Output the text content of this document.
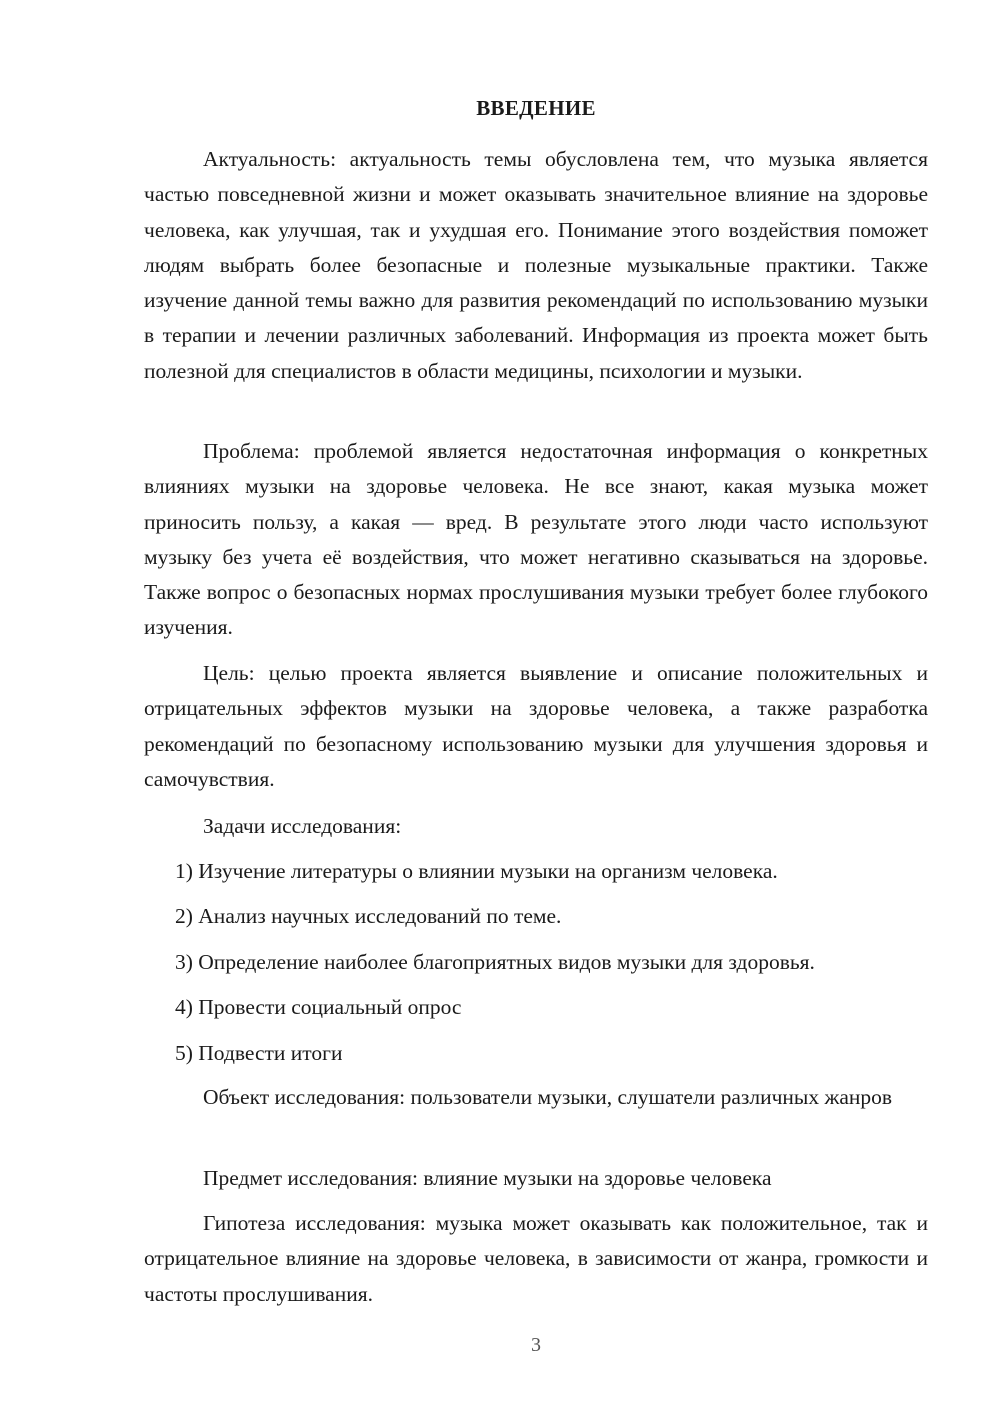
ВВЕДЕНИЕ

Актуальность: актуальность темы обусловлена тем, что музыка является частью повседневной жизни и может оказывать значительное влияние на здоровье человека, как улучшая, так и ухудшая его. Понимание этого воздействия поможет людям выбрать более безопасные и полезные музыкальные практики. Также изучение данной темы важно для развития рекомендаций по использованию музыки в терапии и лечении различных заболеваний. Информация из проекта может быть полезной для специалистов в области медицины, психологии и музыки.

Проблема: проблемой является недостаточная информация о конкретных влияниях музыки на здоровье человека. Не все знают, какая музыка может приносить пользу, а какая — вред. В результате этого люди часто используют музыку без учета её воздействия, что может негативно сказываться на здоровье. Также вопрос о безопасных нормах прослушивания музыки требует более глубокого изучения.

Цель: целью проекта является выявление и описание положительных и отрицательных эффектов музыки на здоровье человека, а также разработка рекомендаций по безопасному использованию музыки для улучшения здоровья и самочувствия.

Задачи исследования:

1) Изучение литературы о влиянии музыки на организм человека.

2) Анализ научных исследований по теме.

3) Определение наиболее благоприятных видов музыки для здоровья.

4) Провести социальный опрос

5) Подвести итоги

Объект исследования: пользователи музыки, слушатели различных жанров

Предмет исследования: влияние музыки на здоровье человека

Гипотеза исследования: музыка может оказывать как положительное, так и отрицательное влияние на здоровье человека, в зависимости от жанра, громкости и частоты прослушивания.

3
